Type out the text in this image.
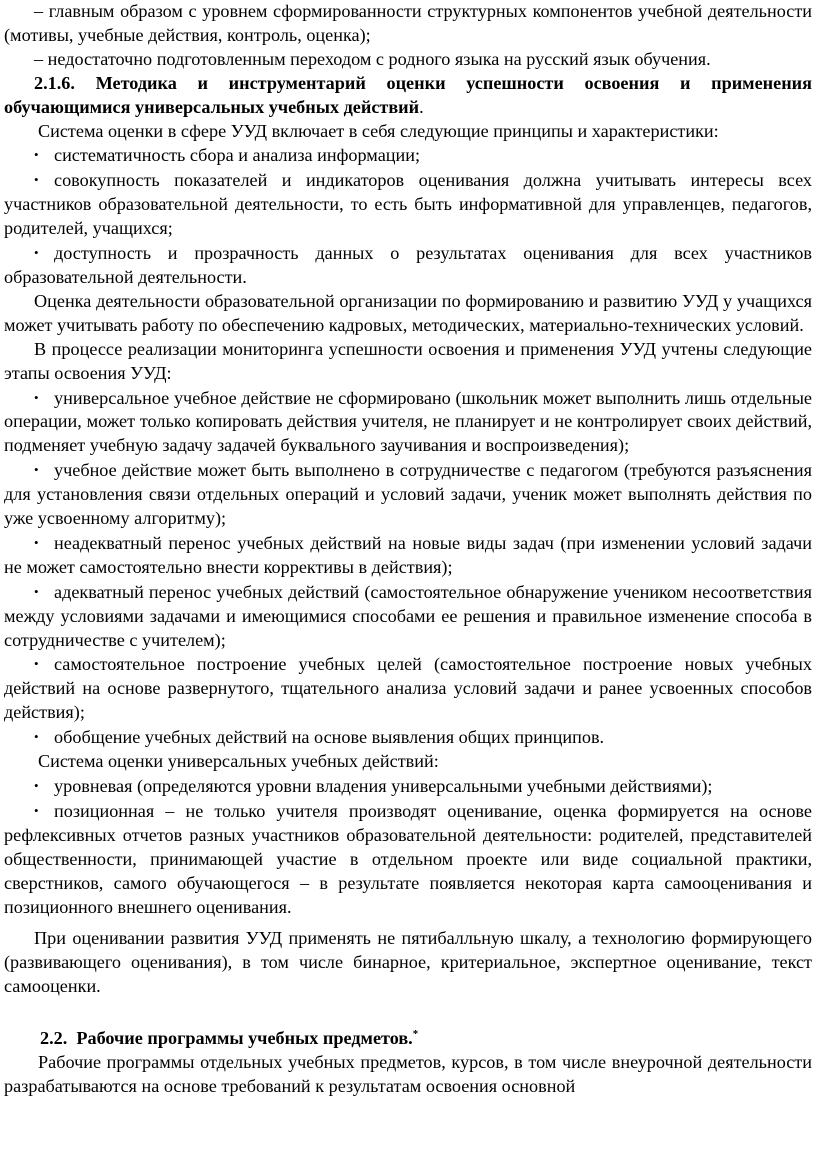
– главным образом с уровнем сформированности структурных компонентов учебной деятельности (мотивы, учебные действия, контроль, оценка);

– недостаточно подготовленным переходом с родного языка на русский язык обучения.

2.1.6. Методика и инструментарий оценки успешности освоения и применения обучающимися универсальных учебных действий.

Система оценки в сфере УУД включает в себя следующие принципы и характеристики:

• систематичность сбора и анализа информации;

• совокупность показателей и индикаторов оценивания должна учитывать интересы всех участников образовательной деятельности, то есть быть информативной для управленцев, педагогов, родителей, учащихся;

• доступность и прозрачность данных о результатах оценивания для всех участников образовательной деятельности.

Оценка деятельности образовательной организации по формированию и развитию УУД у учащихся может учитывать работу по обеспечению кадровых, методических, материально-технических условий.

В процессе реализации мониторинга успешности освоения и применения УУД учтены следующие этапы освоения УУД:

• универсальное учебное действие не сформировано (школьник может выполнить лишь отдельные операции, может только копировать действия учителя, не планирует и не контролирует своих действий, подменяет учебную задачу задачей буквального заучивания и воспроизведения);

• учебное действие может быть выполнено в сотрудничестве с педагогом (требуются разъяснения для установления связи отдельных операций и условий задачи, ученик может выполнять действия по уже усвоенному алгоритму);

• неадекватный перенос учебных действий на новые виды задач (при изменении условий задачи не может самостоятельно внести коррективы в действия);

• адекватный перенос учебных действий (самостоятельное обнаружение учеником несоответствия между условиями задачами и имеющимися способами ее решения и правильное изменение способа в сотрудничестве с учителем);

• самостоятельное построение учебных целей (самостоятельное построение новых учебных действий на основе развернутого, тщательного анализа условий задачи и ранее усвоенных способов действия);

• обобщение учебных действий на основе выявления общих принципов.

Система оценки универсальных учебных действий:

• уровневая (определяются уровни владения универсальными учебными действиями);

• позиционная – не только учителя производят оценивание, оценка формируется на основе рефлексивных отчетов разных участников образовательной деятельности: родителей, представителей общественности, принимающей участие в отдельном проекте или виде социальной практики, сверстников, самого обучающегося – в результате появляется некоторая карта самооценивания и позиционного внешнего оценивания.

При оценивании развития УУД применять не пятибалльную шкалу, а технологию формирующего (развивающего оценивания), в том числе бинарное, критериальное, экспертное оценивание, текст самооценки.

2.2. Рабочие программы учебных предметов.*

Рабочие программы отдельных учебных предметов, курсов, в том числе внеурочной деятельности разрабатываются на основе требований к результатам освоения основной
